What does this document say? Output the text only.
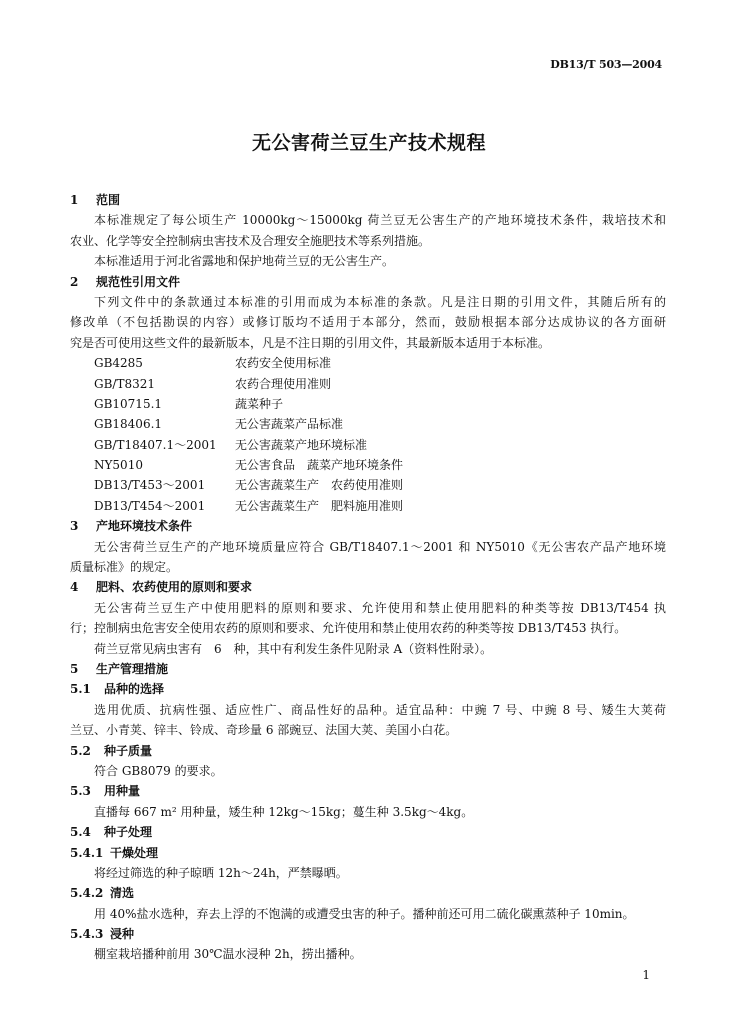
DB13/T 503—2004
无公害荷兰豆生产技术规程
1 范围
本标准规定了每公顷生产 10000kg～15000kg 荷兰豆无公害生产的产地环境技术条件，栽培技术和
农业、化学等安全控制病虫害技术及合理安全施肥技术等系列措施。
本标准适用于河北省露地和保护地荷兰豆的无公害生产。
2 规范性引用文件
下列文件中的条款通过本标准的引用而成为本标准的条款。凡是注日期的引用文件，其随后所有的
修改单（不包括勘误的内容）或修订版均不适用于本部分，然而，鼓励根据本部分达成协议的各方面研
究是否可使用这些文件的最新版本，凡是不注日期的引用文件，其最新版本适用于本标准。
GB4285	农药安全使用标准
GB/T8321	农药合理使用准则
GB10715.1	蔬菜种子
GB18406.1	无公害蔬菜产品标准
GB/T18407.1～2001 无公害蔬菜产地环境标准
NY5010	无公害食品　蔬菜产地环境条件
DB13/T453～2001 无公害蔬菜生产　农药使用准则
DB13/T454～2001 无公害蔬菜生产　肥料施用准则
3 产地环境技术条件
无公害荷兰豆生产的产地环境质量应符合 GB/T18407.1～2001 和 NY5010《无公害农产品产地环境
质量标准》的规定。
4 肥料、农药使用的原则和要求
无公害荷兰豆生产中使用肥料的原则和要求、允许使用和禁止使用肥料的种类等按 DB13/T454 执
行；控制病虫危害安全使用农药的原则和要求、允许使用和禁止使用农药的种类等按 DB13/T453 执行。
荷兰豆常见病虫害有　6　种，其中有利发生条件见附录 A（资料性附录）。
5 生产管理措施
5.1 品种的选择
选用优质、抗病性强、适应性广、商品性好的品种。适宜品种：中豌 7 号、中豌 8 号、矮生大荚荷
兰豆、小青荚、锌丰、铃成、奇珍量 6 部豌豆、法国大荚、美国小白花。
5.2 种子质量
符合 GB8079 的要求。
5.3 用种量
直播每 667 m² 用种量，矮生种 12kg～15kg；蔓生种 3.5kg～4kg。
5.4 种子处理
5.4.1 干燥处理
将经过筛选的种子晾晒 12h～24h，严禁曝晒。
5.4.2 清选
用 40%盐水选种，弃去上浮的不饱满的或遭受虫害的种子。播种前还可用二硫化碳熏蒸种子 10min。
5.4.3 浸种
棚室栽培播种前用 30℃温水浸种 2h，捞出播种。
1
